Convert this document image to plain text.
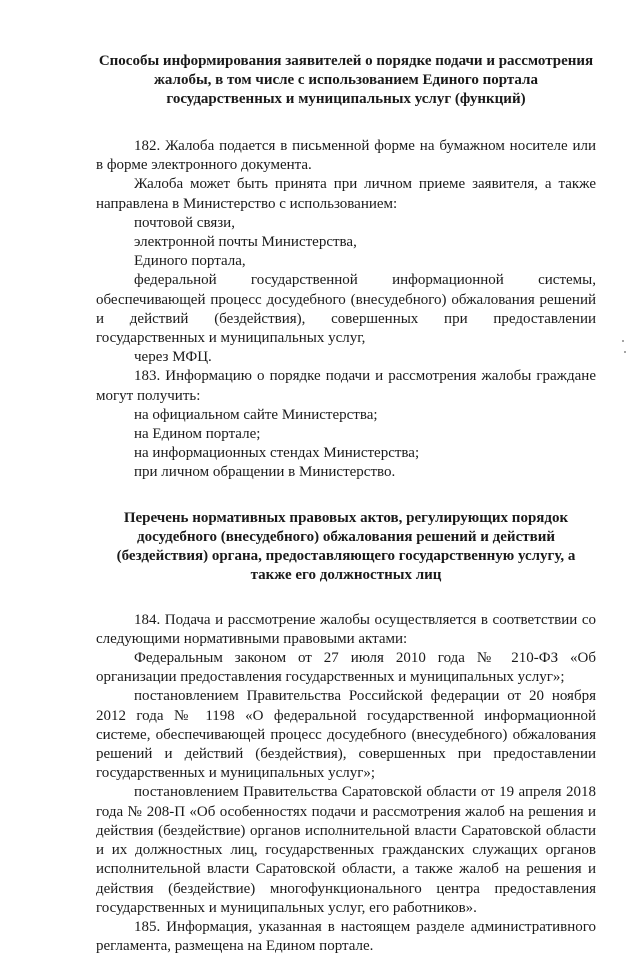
Способы информирования заявителей о порядке подачи и рассмотрения жалобы, в том числе с использованием Единого портала государственных и муниципальных услуг (функций)

182. Жалоба подается в письменной форме на бумажном носителе или в форме электронного документа.

Жалоба может быть принята при личном приеме заявителя, а также направлена в Министерство с использованием:

почтовой связи,

электронной почты Министерства,

Единого портала,

федеральной государственной информационной системы, обеспечивающей процесс досудебного (внесудебного) обжалования решений и действий (бездействия), совершенных при предоставлении государственных и муниципальных услуг,

через МФЦ.

183. Информацию о порядке подачи и рассмотрения жалобы граждане могут получить:

на официальном сайте Министерства;

на Едином портале;

на информационных стендах Министерства;

при личном обращении в Министерство.

Перечень нормативных правовых актов, регулирующих порядок досудебного (внесудебного) обжалования решений и действий (бездействия) органа, предоставляющего государственную услугу, а также его должностных лиц

184. Подача и рассмотрение жалобы осуществляется в соответствии со следующими нормативными правовыми актами:

Федеральным законом от 27 июля 2010 года № 210-ФЗ «Об организации предоставления государственных и муниципальных услуг»;

постановлением Правительства Российской федерации от 20 ноября 2012 года № 1198 «О федеральной государственной информационной системе, обеспечивающей процесс досудебного (внесудебного) обжалования решений и действий (бездействия), совершенных при предоставлении государственных и муниципальных услуг»;

постановлением Правительства Саратовской области от 19 апреля 2018 года № 208-П «Об особенностях подачи и рассмотрения жалоб на решения и действия (бездействие) органов исполнительной власти Саратовской области и их должностных лиц, государственных гражданских служащих органов исполнительной власти Саратовской области, а также жалоб на решения и действия (бездействие) многофункционального центра предоставления государственных и муниципальных услуг, его работников».

185. Информация, указанная в настоящем разделе административного регламента, размещена на Едином портале.
